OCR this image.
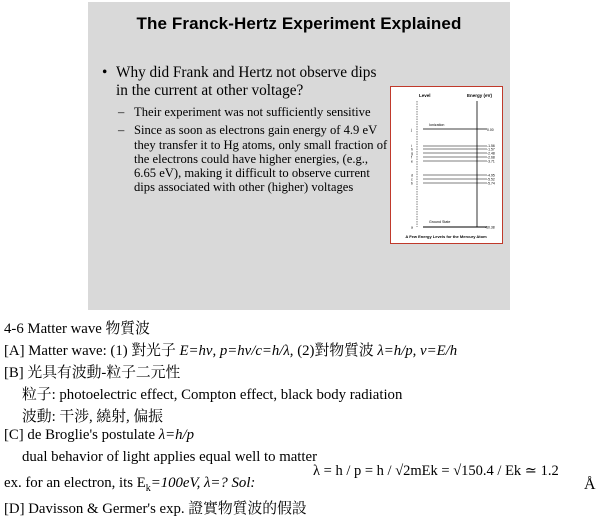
The Franck-Hertz Experiment Explained
• Why did Frank and Hertz not observe dips in the current at other voltage?
– Their experiment was not sufficiently sensitive
– Since as soon as electrons gain energy of 4.9 eV they transfer it to Hg atoms, only small fraction of the electrons could have higher energies, (e.g., 6.65 eV), making it difficult to observe current dips associated with other (higher) voltages
Level	Energy (eV)
Ionization
0.00
j
i
h
g
f
e
d
c
b
a
-1.56
-1.57
-2.48
-2.68
-3.71
-4.95
-5.52
-5.74
-10.38
Ground State
A Few Energy Levels for the Mercury Atom
4-6 Matter wave 物質波
[A] Matter wave: (1) 對光子 E=hν, p=hν/c=h/λ, (2)對物質波 λ=h/p, ν=E/h
[B] 光具有波動-粒子二元性
粒子: photoelectric effect, Compton effect, black body radiation
波動: 干涉, 繞射, 偏振
[C] de Broglie's postulate λ=h/p
dual behavior of light applies equal well to matter
ex. for an electron, its $E_k=100eV$, λ=? Sol:
[D] Davisson & Germer's exp. 證實物質波的假設
λ = h / p = h / √2mEk = √150.4 / Ek ≃ 1.2
Å
